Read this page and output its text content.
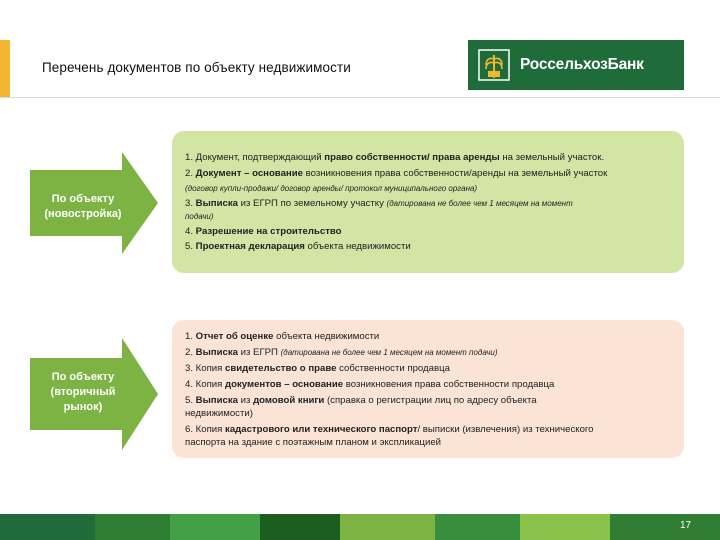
Перечень документов по объекту недвижимости	РоссельхозБанк
По объекту
(новостройка)
По объекту
(вторичный
рынок)
1. Документ, подтверждающий право собственности/ права аренды на земельный участок.
2. Документ – основание возникновения права собственности/аренды на земельный участок
(договор купли-продажи/ договор аренды/ протокол муниципального органа)
3. Выписка из ЕГРП по земельному участку (датирована не более чем 1 месяцем на момент
подачи)
4. Разрешение на строительство
5. Проектная декларация объекта недвижимости
1. Отчет об оценке объекта недвижимости
2. Выписка из ЕГРП (датирована не более чем 1 месяцем на момент подачи)
3. Копия свидетельство о праве собственности продавца
4. Копия документов – основание возникновения права собственности продавца
5. Выписка из домовой книги (справка о регистрации лиц по адресу объекта
недвижимости)
6. Копия кадастрового или технического паспорт/ выписки (извлечения) из технического
паспорта на здание с поэтажным планом и экспликацией
17
